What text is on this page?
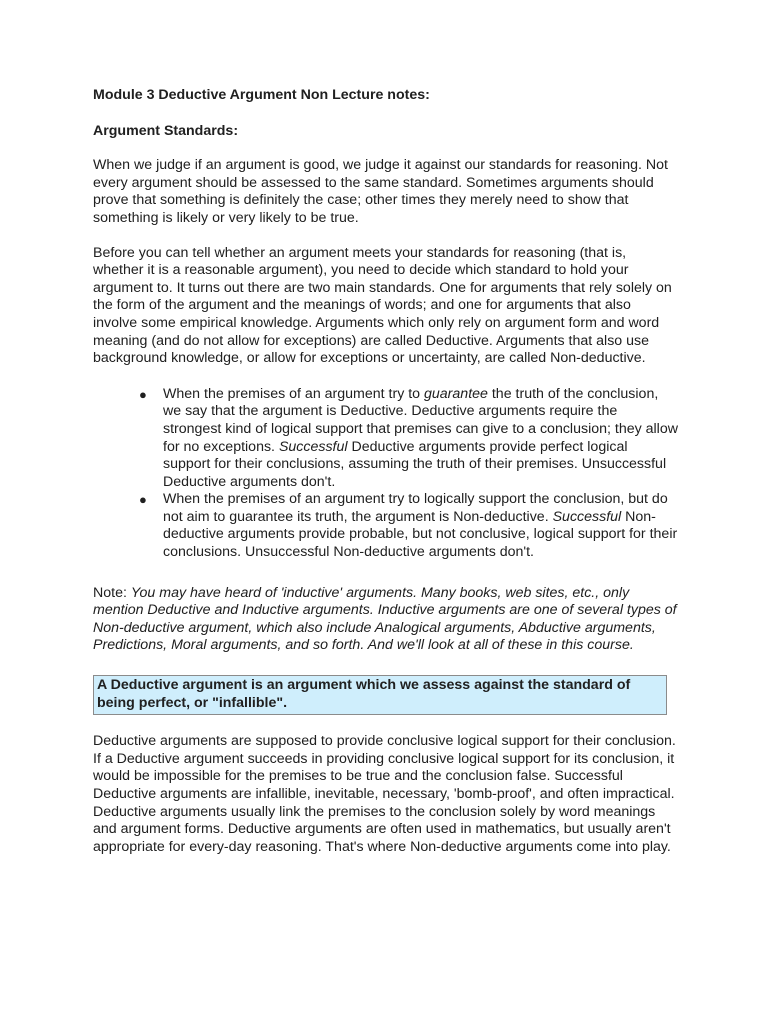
Module 3 Deductive Argument Non Lecture notes:

Argument Standards:

When we judge if an argument is good, we judge it against our standards for reasoning. Not every argument should be assessed to the same standard. Sometimes arguments should prove that something is definitely the case; other times they merely need to show that something is likely or very likely to be true.

Before you can tell whether an argument meets your standards for reasoning (that is, whether it is a reasonable argument), you need to decide which standard to hold your argument to. It turns out there are two main standards. One for arguments that rely solely on the form of the argument and the meanings of words; and one for arguments that also involve some empirical knowledge. Arguments which only rely on argument form and word meaning (and do not allow for exceptions) are called Deductive. Arguments that also use background knowledge, or allow for exceptions or uncertainty, are called Non-deductive.

● When the premises of an argument try to guarantee the truth of the conclusion, we say that the argument is Deductive. Deductive arguments require the strongest kind of logical support that premises can give to a conclusion; they allow for no exceptions. Successful Deductive arguments provide perfect logical support for their conclusions, assuming the truth of their premises. Unsuccessful Deductive arguments don't.
● When the premises of an argument try to logically support the conclusion, but do not aim to guarantee its truth, the argument is Non-deductive. Successful Non-deductive arguments provide probable, but not conclusive, logical support for their conclusions. Unsuccessful Non-deductive arguments don't.

Note: You may have heard of 'inductive' arguments. Many books, web sites, etc., only mention Deductive and Inductive arguments. Inductive arguments are one of several types of Non-deductive argument, which also include Analogical arguments, Abductive arguments, Predictions, Moral arguments, and so forth. And we'll look at all of these in this course.

A Deductive argument is an argument which we assess against the standard of being perfect, or "infallible".

Deductive arguments are supposed to provide conclusive logical support for their conclusion. If a Deductive argument succeeds in providing conclusive logical support for its conclusion, it would be impossible for the premises to be true and the conclusion false. Successful Deductive arguments are infallible, inevitable, necessary, 'bomb-proof', and often impractical. Deductive arguments usually link the premises to the conclusion solely by word meanings and argument forms. Deductive arguments are often used in mathematics, but usually aren't appropriate for every-day reasoning. That's where Non-deductive arguments come into play.
